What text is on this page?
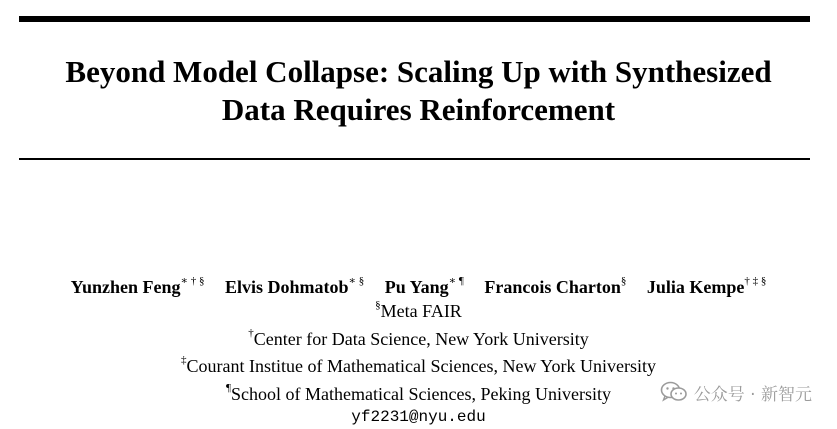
Beyond Model Collapse: Scaling Up with Synthesized
Data Requires Reinforcement
Yunzhen Feng∗ † § Elvis Dohmatob∗ § Pu Yang∗ ¶ Francois Charton§ Julia Kempe† ‡ §
§Meta FAIR
†Center for Data Science, New York University
‡Courant Institue of Mathematical Sciences, New York University
¶School of Mathematical Sciences, Peking University
yf2231@nyu.edu
公众号 · 新智元
